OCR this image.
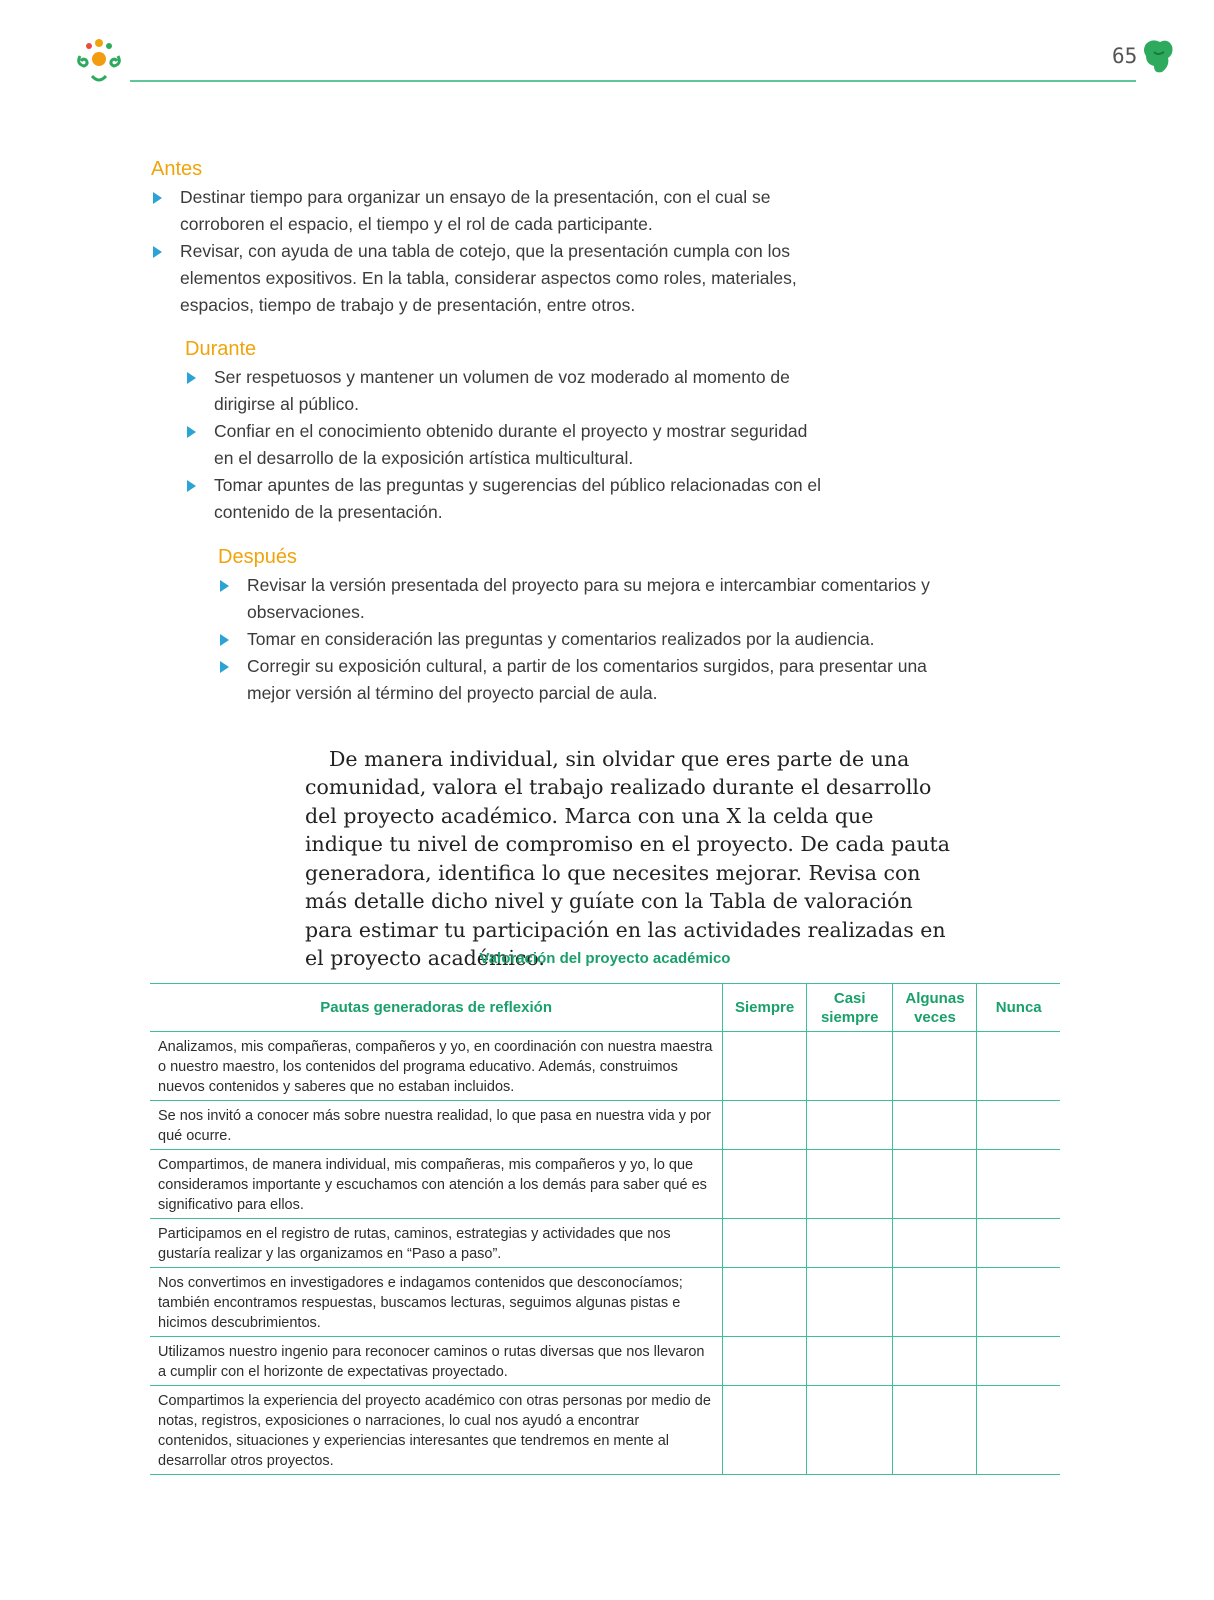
65
Antes
Destinar tiempo para organizar un ensayo de la presentación, con el cual se corroboren el espacio, el tiempo y el rol de cada participante.
Revisar, con ayuda de una tabla de cotejo, que la presentación cumpla con los elementos expositivos. En la tabla, considerar aspectos como roles, materiales, espacios, tiempo de trabajo y de presentación, entre otros.
Durante
Ser respetuosos y mantener un volumen de voz moderado al momento de dirigirse al público.
Confiar en el conocimiento obtenido durante el proyecto y mostrar seguridad en el desarrollo de la exposición artística multicultural.
Tomar apuntes de las preguntas y sugerencias del público relacionadas con el contenido de la presentación.
Después
Revisar la versión presentada del proyecto para su mejora e intercambiar comentarios y observaciones.
Tomar en consideración las preguntas y comentarios realizados por la audiencia.
Corregir su exposición cultural, a partir de los comentarios surgidos, para presentar una mejor versión al término del proyecto parcial de aula.

De manera individual, sin olvidar que eres parte de una comunidad, valora el trabajo realizado durante el desarrollo del proyecto académico. Marca con una X la celda que indique tu nivel de compromiso en el proyecto. De cada pauta generadora, identifica lo que necesites mejorar. Revisa con más detalle dicho nivel y guíate con la Tabla de valoración para estimar tu participación en las actividades realizadas en el proyecto académico.

Valoración del proyecto académico
Pautas generadoras de reflexión	Siempre	Casi siempre	Algunas veces	Nunca
Analizamos, mis compañeras, compañeros y yo, en coordinación con nuestra maestra o nuestro maestro, los contenidos del programa educativo. Además, construimos nuevos contenidos y saberes que no estaban incluidos.				
Se nos invitó a conocer más sobre nuestra realidad, lo que pasa en nuestra vida y por qué ocurre.				
Compartimos, de manera individual, mis compañeras, mis compañeros y yo, lo que consideramos importante y escuchamos con atención a los demás para saber qué es significativo para ellos.				
Participamos en el registro de rutas, caminos, estrategias y actividades que nos gustaría realizar y las organizamos en “Paso a paso”.				
Nos convertimos en investigadores e indagamos contenidos que desconocíamos; también encontramos respuestas, buscamos lecturas, seguimos algunas pistas e hicimos descubrimientos.				
Utilizamos nuestro ingenio para reconocer caminos o rutas diversas que nos llevaron a cumplir con el horizonte de expectativas proyectado.				
Compartimos la experiencia del proyecto académico con otras personas por medio de notas, registros, exposiciones o narraciones, lo cual nos ayudó a encontrar contenidos, situaciones y experiencias interesantes que tendremos en mente al desarrollar otros proyectos.				
